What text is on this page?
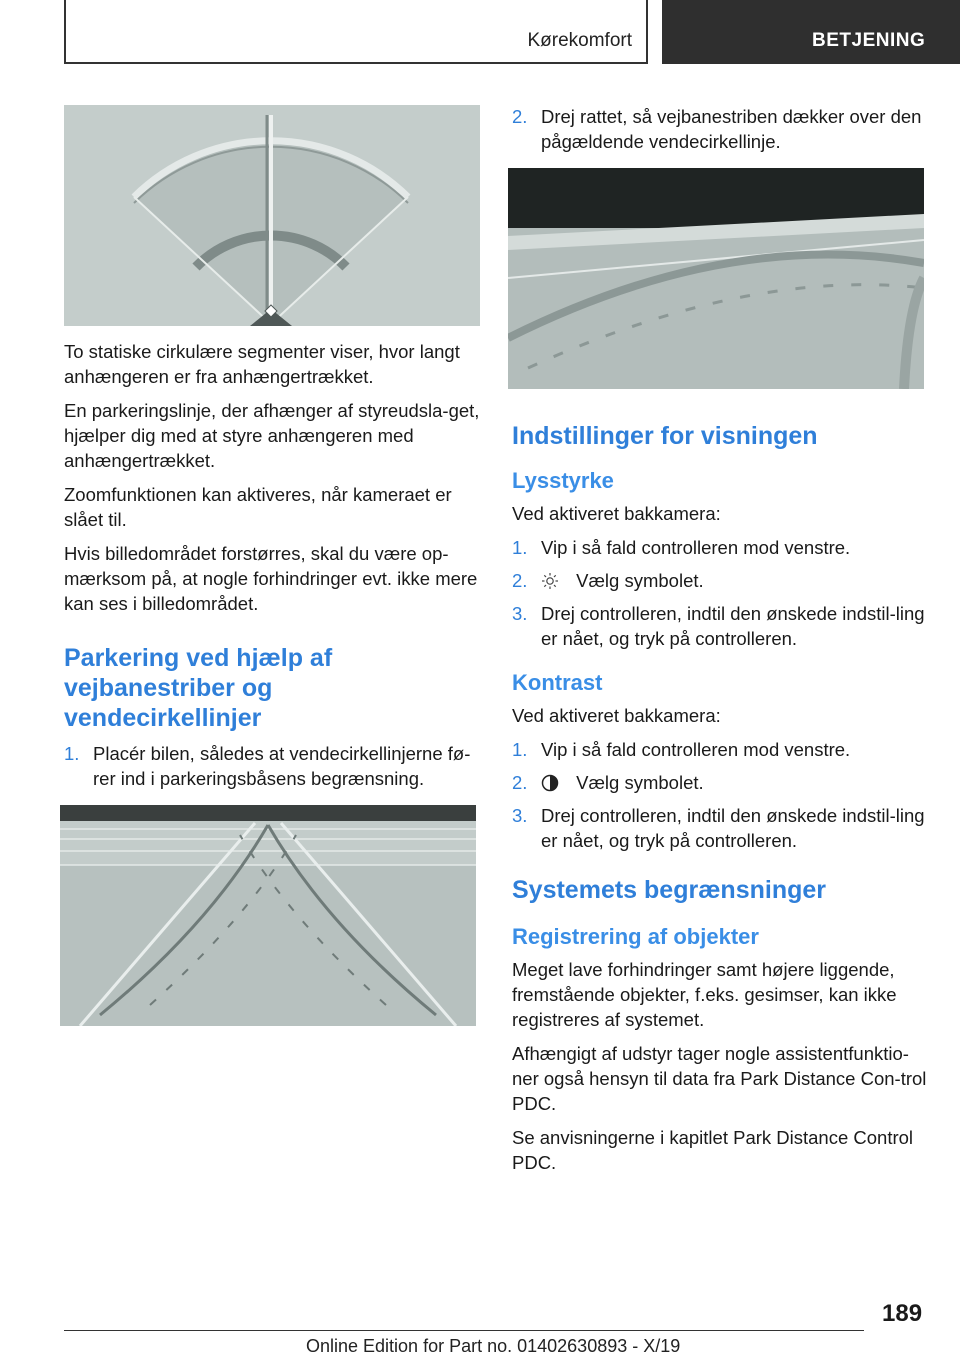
Kørekomfort	BETJENING

To statiske cirkulære segmenter viser, hvor langt anhængeren er fra anhængertrækket.

En parkeringslinje, der afhænger af styreudsla-get, hjælper dig med at styre anhængeren med anhængertrækket.

Zoomfunktionen kan aktiveres, når kameraet er slået til.

Hvis billedområdet forstørres, skal du være op-mærksom på, at nogle forhindringer evt. ikke mere kan ses i billedområdet.

Parkering ved hjælp af vejbanestriber og vendecirkellinjer
1. Placér bilen, således at vendecirkellinjerne fø-rer ind i parkeringsbåsens begrænsning.
2. Drej rattet, så vejbanestriben dækker over den pågældende vendecirkellinje.
Indstillinger for visningen
Lysstyrke

Ved aktiveret bakkamera:

1. Vip i så fald controlleren mod venstre.
2.	Vælg symbolet.
3. Drej controlleren, indtil den ønskede indstil-ling er nået, og tryk på controlleren.
Kontrast

Ved aktiveret bakkamera:

1. Vip i så fald controlleren mod venstre.
2.	Vælg symbolet.
3. Drej controlleren, indtil den ønskede indstil-ling er nået, og tryk på controlleren.
Systemets begrænsninger
Registrering af objekter

Meget lave forhindringer samt højere liggende, fremstående objekter, f.eks. gesimser, kan ikke registreres af systemet.

Afhængigt af udstyr tager nogle assistentfunktio-ner også hensyn til data fra Park Distance Con-trol PDC.

Se anvisningerne i kapitlet Park Distance Control PDC.

189
Online Edition for Part no. 01402630893 - X/19
